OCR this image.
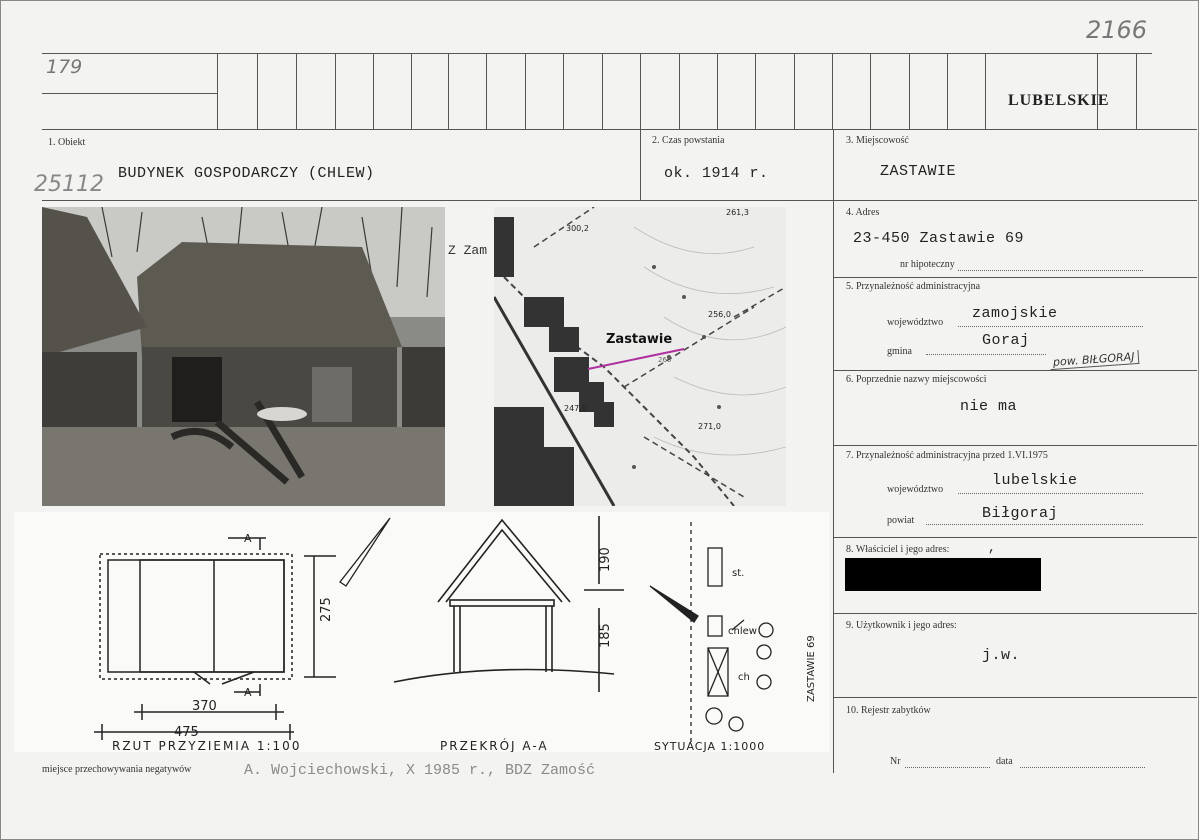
2166
179
25112
LUBELSKIE
1. Obiekt
BUDYNEK GOSPODARCZY (CHLEW)
2. Czas powstania
ok. 1914 r.
3. Miejscowość
ZASTAWIE
Z Zam
Zastawie
300,2
261,3
256,0
247,0
271,0
260
4. Adres
23-450 Zastawie 69
nr hipoteczny
5. Przynależność administracyjna
województwo
zamojskie
gmina
Goraj
pow. BIŁGORAJ
6. Poprzednie nazwy miejscowości
nie ma
7. Przynależność administracyjna przed 1.VI.1975
województwo
lubelskie
powiat	Biłgoraj
8. Właściciel i jego adres:	,
9. Użytkownik i jego adres:
j.w.
10. Rejestr zabytków
Nr	data
A
A
275
370
475
190
185
st.
chlew
ch	ZASTAWIE 69
RZUT PRZYZIEMIA 1:100	PRZEKRÓJ A-A	SYTUACJA 1:1000
miejsce przechowywania negatywów	A. Wojciechowski, X 1985 r., BDZ Zamość
